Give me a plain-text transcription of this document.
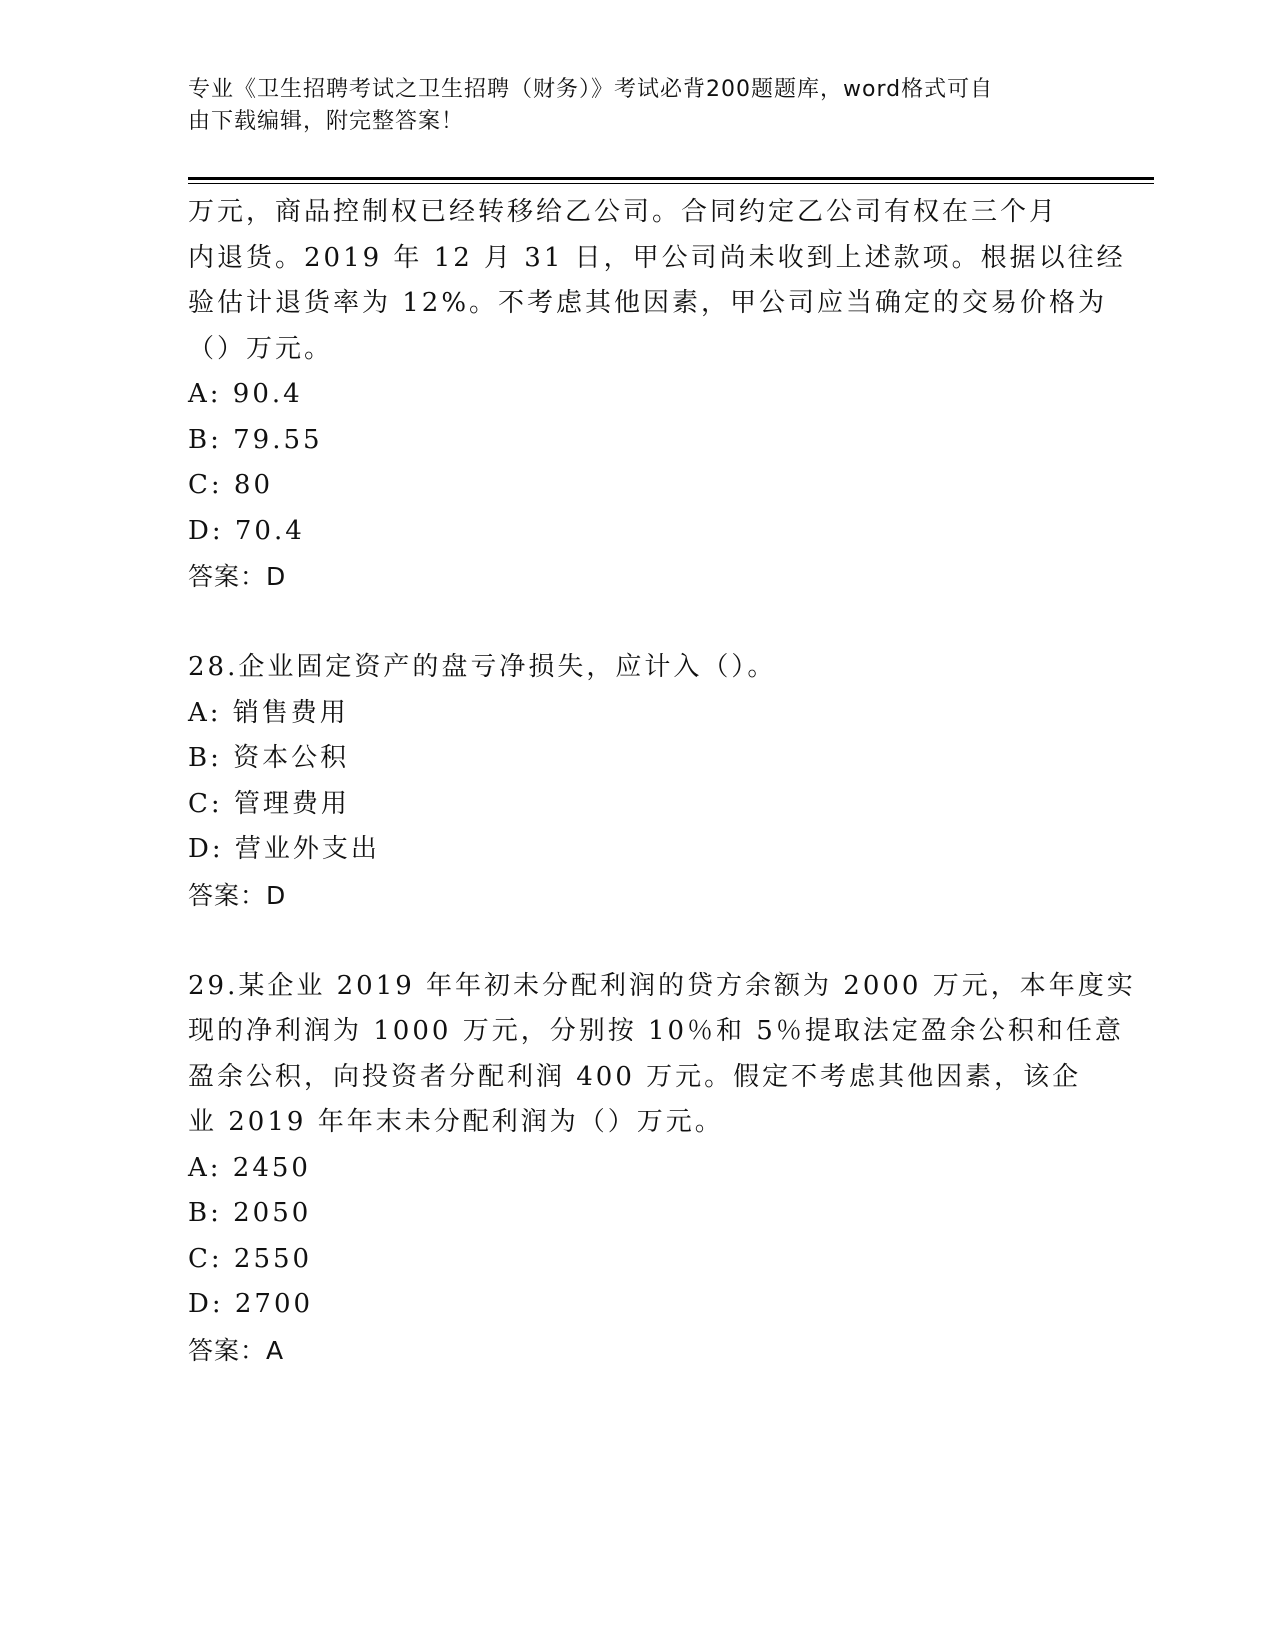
专业《卫生招聘考试之卫生招聘（财务）》考试必背200题题库，word格式可自
由下载编辑，附完整答案！
万元，商品控制权已经转移给乙公司。合同约定乙公司有权在三个月
内退货。2019 年 12 月 31 日，甲公司尚未收到上述款项。根据以往经
验估计退货率为 12%。不考虑其他因素，甲公司应当确定的交易价格为
（）万元。
A: 90.4
B: 79.55
C: 80
D: 70.4
答案：D
28.企业固定资产的盘亏净损失，应计入（）。
A: 销售费用
B: 资本公积
C: 管理费用
D: 营业外支出
答案：D
29.某企业 2019 年年初未分配利润的贷方余额为 2000 万元，本年度实
现的净利润为 1000 万元，分别按 10％和 5％提取法定盈余公积和任意
盈余公积，向投资者分配利润 400 万元。假定不考虑其他因素，该企
业 2019 年年末未分配利润为（）万元。
A: 2450
B: 2050
C: 2550
D: 2700
答案：A
